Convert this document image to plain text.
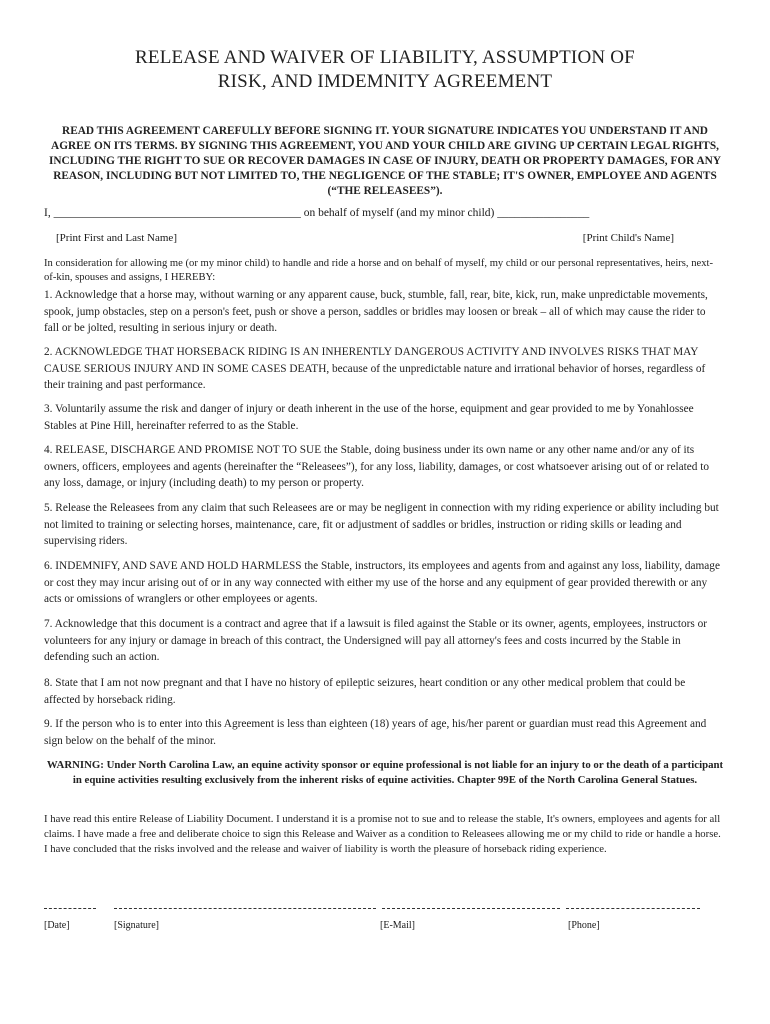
RELEASE AND WAIVER OF LIABILITY, ASSUMPTION OF
RISK, AND IMDEMNITY AGREEMENT
READ THIS AGREEMENT CAREFULLY BEFORE SIGNING IT. YOUR SIGNATURE INDICATES YOU UNDERSTAND IT AND AGREE ON ITS TERMS. BY SIGNING THIS AGREEMENT, YOU AND YOUR CHILD ARE GIVING UP CERTAIN LEGAL RIGHTS, INCLUDING THE RIGHT TO SUE OR RECOVER DAMAGES IN CASE OF INJURY, DEATH OR PROPERTY DAMAGES, FOR ANY REASON, INCLUDING BUT NOT LIMITED TO, THE NEGLIGENCE OF THE STABLE; IT'S OWNER, EMPLOYEE AND AGENTS (“THE RELEASEES”).
I, ___________________________________________ on behalf of myself (and my minor child) ________________
[Print First and Last Name]	[Print Child's Name]
In consideration for allowing me (or my minor child) to handle and ride a horse and on behalf of myself, my child or our personal representatives, heirs, next-of-kin, spouses and assigns, I HEREBY:
1. Acknowledge that a horse may, without warning or any apparent cause, buck, stumble, fall, rear, bite, kick, run, make unpredictable movements, spook, jump obstacles, step on a person's feet, push or shove a person, saddles or bridles may loosen or break – all of which may cause the rider to fall or be jolted, resulting in serious injury or death.
2. ACKNOWLEDGE THAT HORSEBACK RIDING IS AN INHERENTLY DANGEROUS ACTIVITY AND INVOLVES RISKS THAT MAY CAUSE SERIOUS INJURY AND IN SOME CASES DEATH, because of the unpredictable nature and irrational behavior of horses, regardless of their training and past performance.
3. Voluntarily assume the risk and danger of injury or death inherent in the use of the horse, equipment and gear provided to me by Yonahlossee Stables at Pine Hill, hereinafter referred to as the Stable.
4. RELEASE, DISCHARGE AND PROMISE NOT TO SUE the Stable, doing business under its own name or any other name and/or any of its owners, officers, employees and agents (hereinafter the “Releasees”), for any loss, liability, damages, or cost whatsoever arising out of or related to any loss, damage, or injury (including death) to my person or property.
5. Release the Releasees from any claim that such Releasees are or may be negligent in connection with my riding experience or ability including but not limited to training or selecting horses, maintenance, care, fit or adjustment of saddles or bridles, instruction or riding skills or leading and supervising riders.
6. INDEMNIFY, AND SAVE AND HOLD HARMLESS the Stable, instructors, its employees and agents from and against any loss, liability, damage or cost they may incur arising out of or in any way connected with either my use of the horse and any equipment of gear provided therewith or any acts or omissions of wranglers or other employees or agents.
7. Acknowledge that this document is a contract and agree that if a lawsuit is filed against the Stable or its owner, agents, employees, instructors or volunteers for any injury or damage in breach of this contract, the Undersigned will pay all attorney's fees and costs incurred by the Stable in defending such an action.
8. State that I am not now pregnant and that I have no history of epileptic seizures, heart condition or any other medical problem that could be affected by horseback riding.
9. If the person who is to enter into this Agreement is less than eighteen (18) years of age, his/her parent or guardian must read this Agreement and sign below on the behalf of the minor.
WARNING: Under North Carolina Law, an equine activity sponsor or equine professional is not liable for an injury to or the death of a participant in equine activities resulting exclusively from the inherent risks of equine activities. Chapter 99E of the North Carolina General Statues.
I have read this entire Release of Liability Document. I understand it is a promise not to sue and to release the stable, It's owners, employees and agents for all claims. I have made a free and deliberate choice to sign this Release and Waiver as a condition to Releasees allowing me or my child to ride or handle a horse. I have concluded that the risks involved and the release and waiver of liability is worth the pleasure of horseback riding experience.
[Date]	[Signature]	[E-Mail]	[Phone]
